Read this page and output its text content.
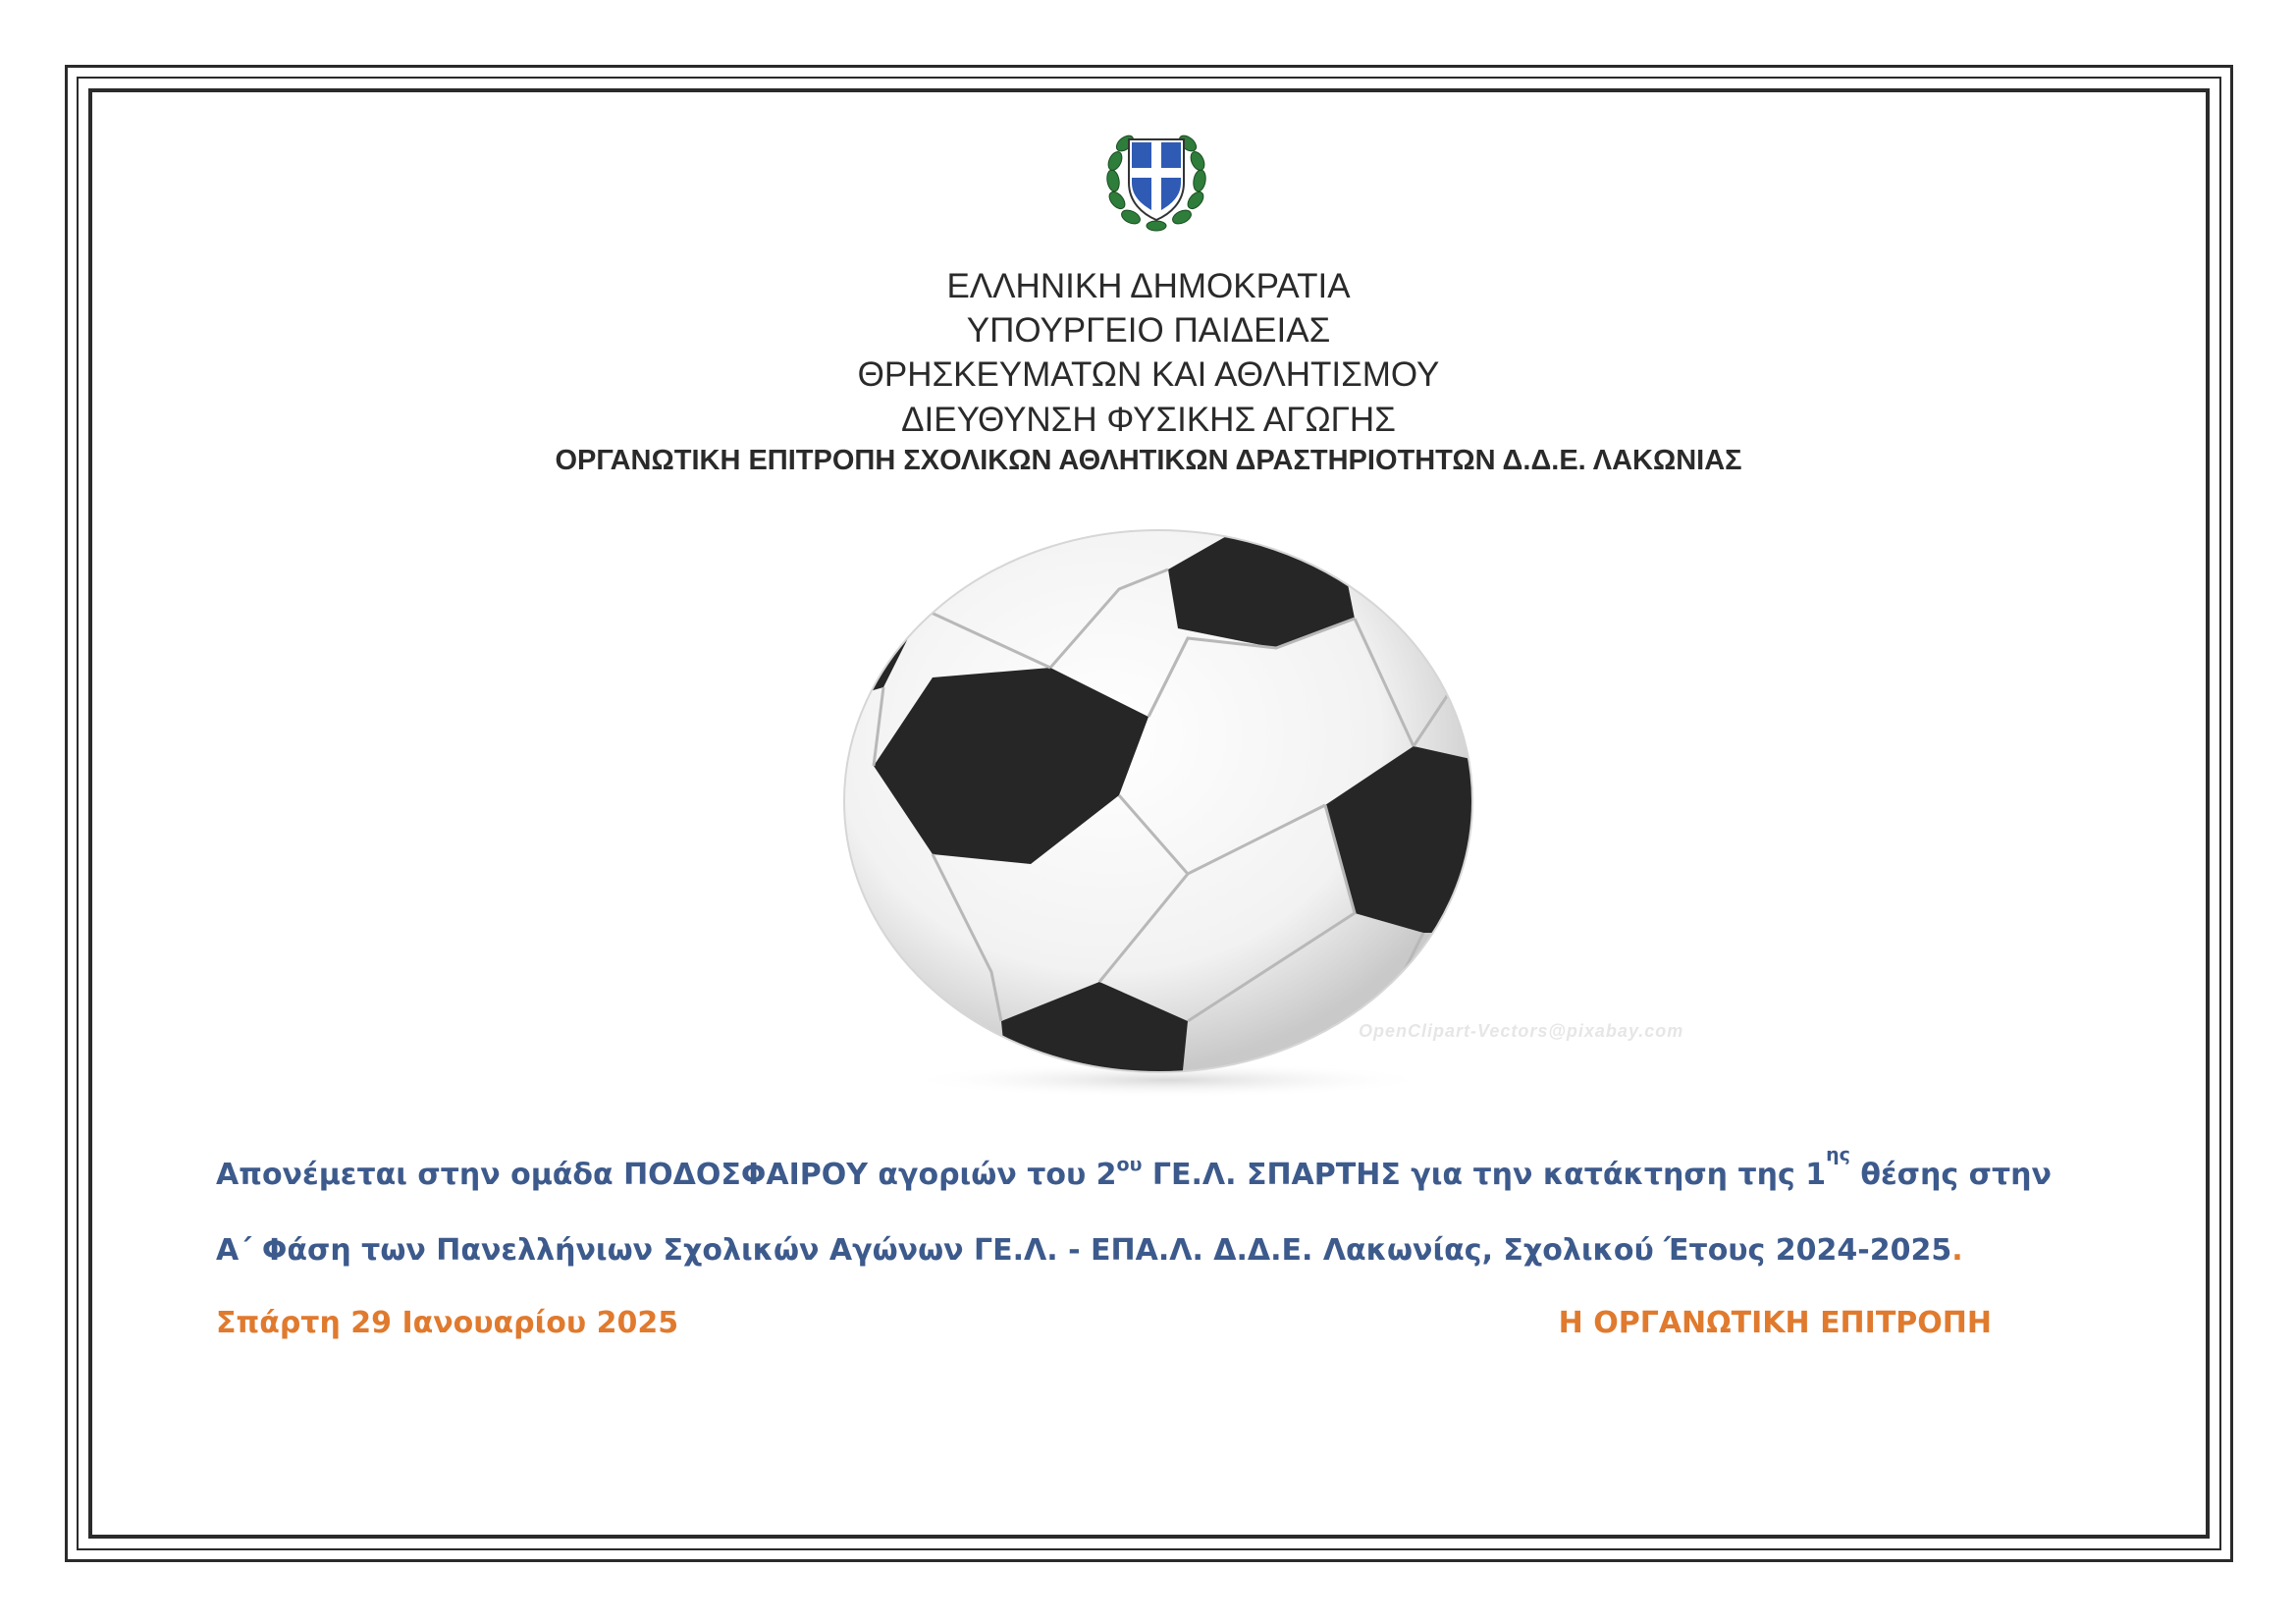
ΕΛΛΗΝΙΚΗ ΔΗΜΟΚΡΑΤΙΑ
ΥΠΟΥΡΓΕΙΟ ΠΑΙΔΕΙΑΣ
ΘΡΗΣΚΕΥΜΑΤΩΝ ΚΑΙ ΑΘΛΗΤΙΣΜΟΥ
ΔΙΕΥΘΥΝΣΗ ΦΥΣΙΚΗΣ ΑΓΩΓΗΣ
ΟΡΓΑΝΩΤΙΚΗ ΕΠΙΤΡΟΠΗ ΣΧΟΛΙΚΩΝ ΑΘΛΗΤΙΚΩΝ ΔΡΑΣΤΗΡΙΟΤΗΤΩΝ Δ.Δ.Ε. ΛΑΚΩΝΙΑΣ
OpenClipart-Vectors@pixabay.com
Απονέμεται στην ομάδα ΠΟΔΟΣΦΑΙΡΟΥ αγοριών του $2^{o\upsilon}$ ΓΕ.Λ. ΣΠΑΡΤΗΣ για την κατάκτηση της $1^{\eta\varsigma}$ θέσης στην
Α΄ Φάση των Πανελλήνιων Σχολικών Αγώνων ΓΕ.Λ. - ΕΠΑ.Λ. Δ.Δ.Ε. Λακωνίας, Σχολικού Έτους 2024-2025.
Σπάρτη 29 Ιανουαρίου 2025	Η ΟΡΓΑΝΩΤΙΚΗ ΕΠΙΤΡΟΠΗ
